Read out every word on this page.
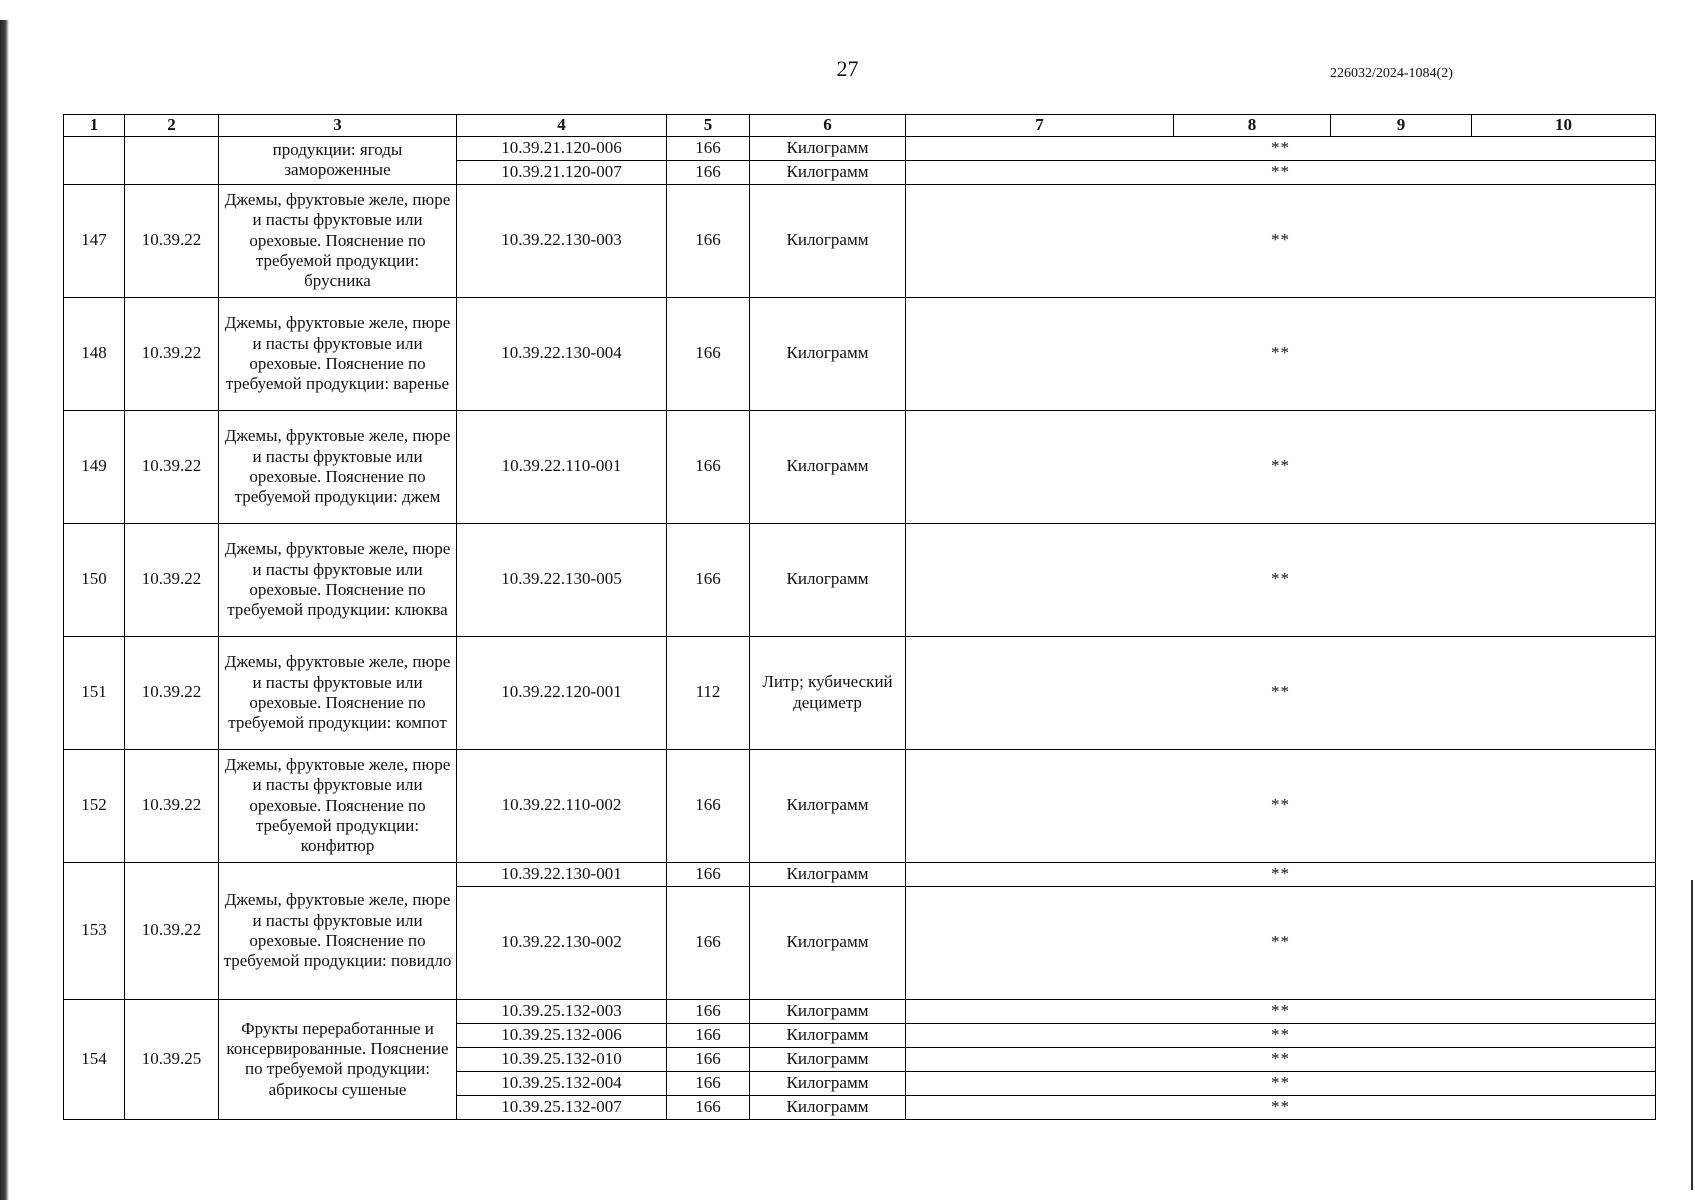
27	226032/2024-1084(2)
1	2	3	4	5	6	7	8	9	10
		продукции: ягоды замороженные	10.39.21.120-006	166	Килограмм	**			
			10.39.21.120-007	166	Килограмм	**			
147	10.39.22	Джемы, фруктовые желе, пюре и пасты фруктовые или ореховые. Пояснение по требуемой продукции: брусника	10.39.22.130-003	166	Килограмм	**			
148	10.39.22	Джемы, фруктовые желе, пюре и пасты фруктовые или ореховые. Пояснение по требуемой продукции: варенье	10.39.22.130-004	166	Килограмм	**			
149	10.39.22	Джемы, фруктовые желе, пюре и пасты фруктовые или ореховые. Пояснение по требуемой продукции: джем	10.39.22.110-001	166	Килограмм	**			
150	10.39.22	Джемы, фруктовые желе, пюре и пасты фруктовые или ореховые. Пояснение по требуемой продукции: клюква	10.39.22.130-005	166	Килограмм	**			
151	10.39.22	Джемы, фруктовые желе, пюре и пасты фруктовые или ореховые. Пояснение по требуемой продукции: компот	10.39.22.120-001	112	Литр; кубический дециметр	**			
152	10.39.22	Джемы, фруктовые желе, пюре и пасты фруктовые или ореховые. Пояснение по требуемой продукции: конфитюр	10.39.22.110-002	166	Килограмм	**			
153	10.39.22	Джемы, фруктовые желе, пюре и пасты фруктовые или ореховые. Пояснение по требуемой продукции: повидло	10.39.22.130-001	166	Килограмм	**			
			10.39.22.130-002	166	Килограмм	**			
154	10.39.25	Фрукты переработанные и консервированные. Пояснение по требуемой продукции: абрикосы сушеные	10.39.25.132-003	166	Килограмм	**			
			10.39.25.132-006	166	Килограмм	**			
			10.39.25.132-010	166	Килограмм	**			
			10.39.25.132-004	166	Килограмм	**			
			10.39.25.132-007	166	Килограмм	**			
